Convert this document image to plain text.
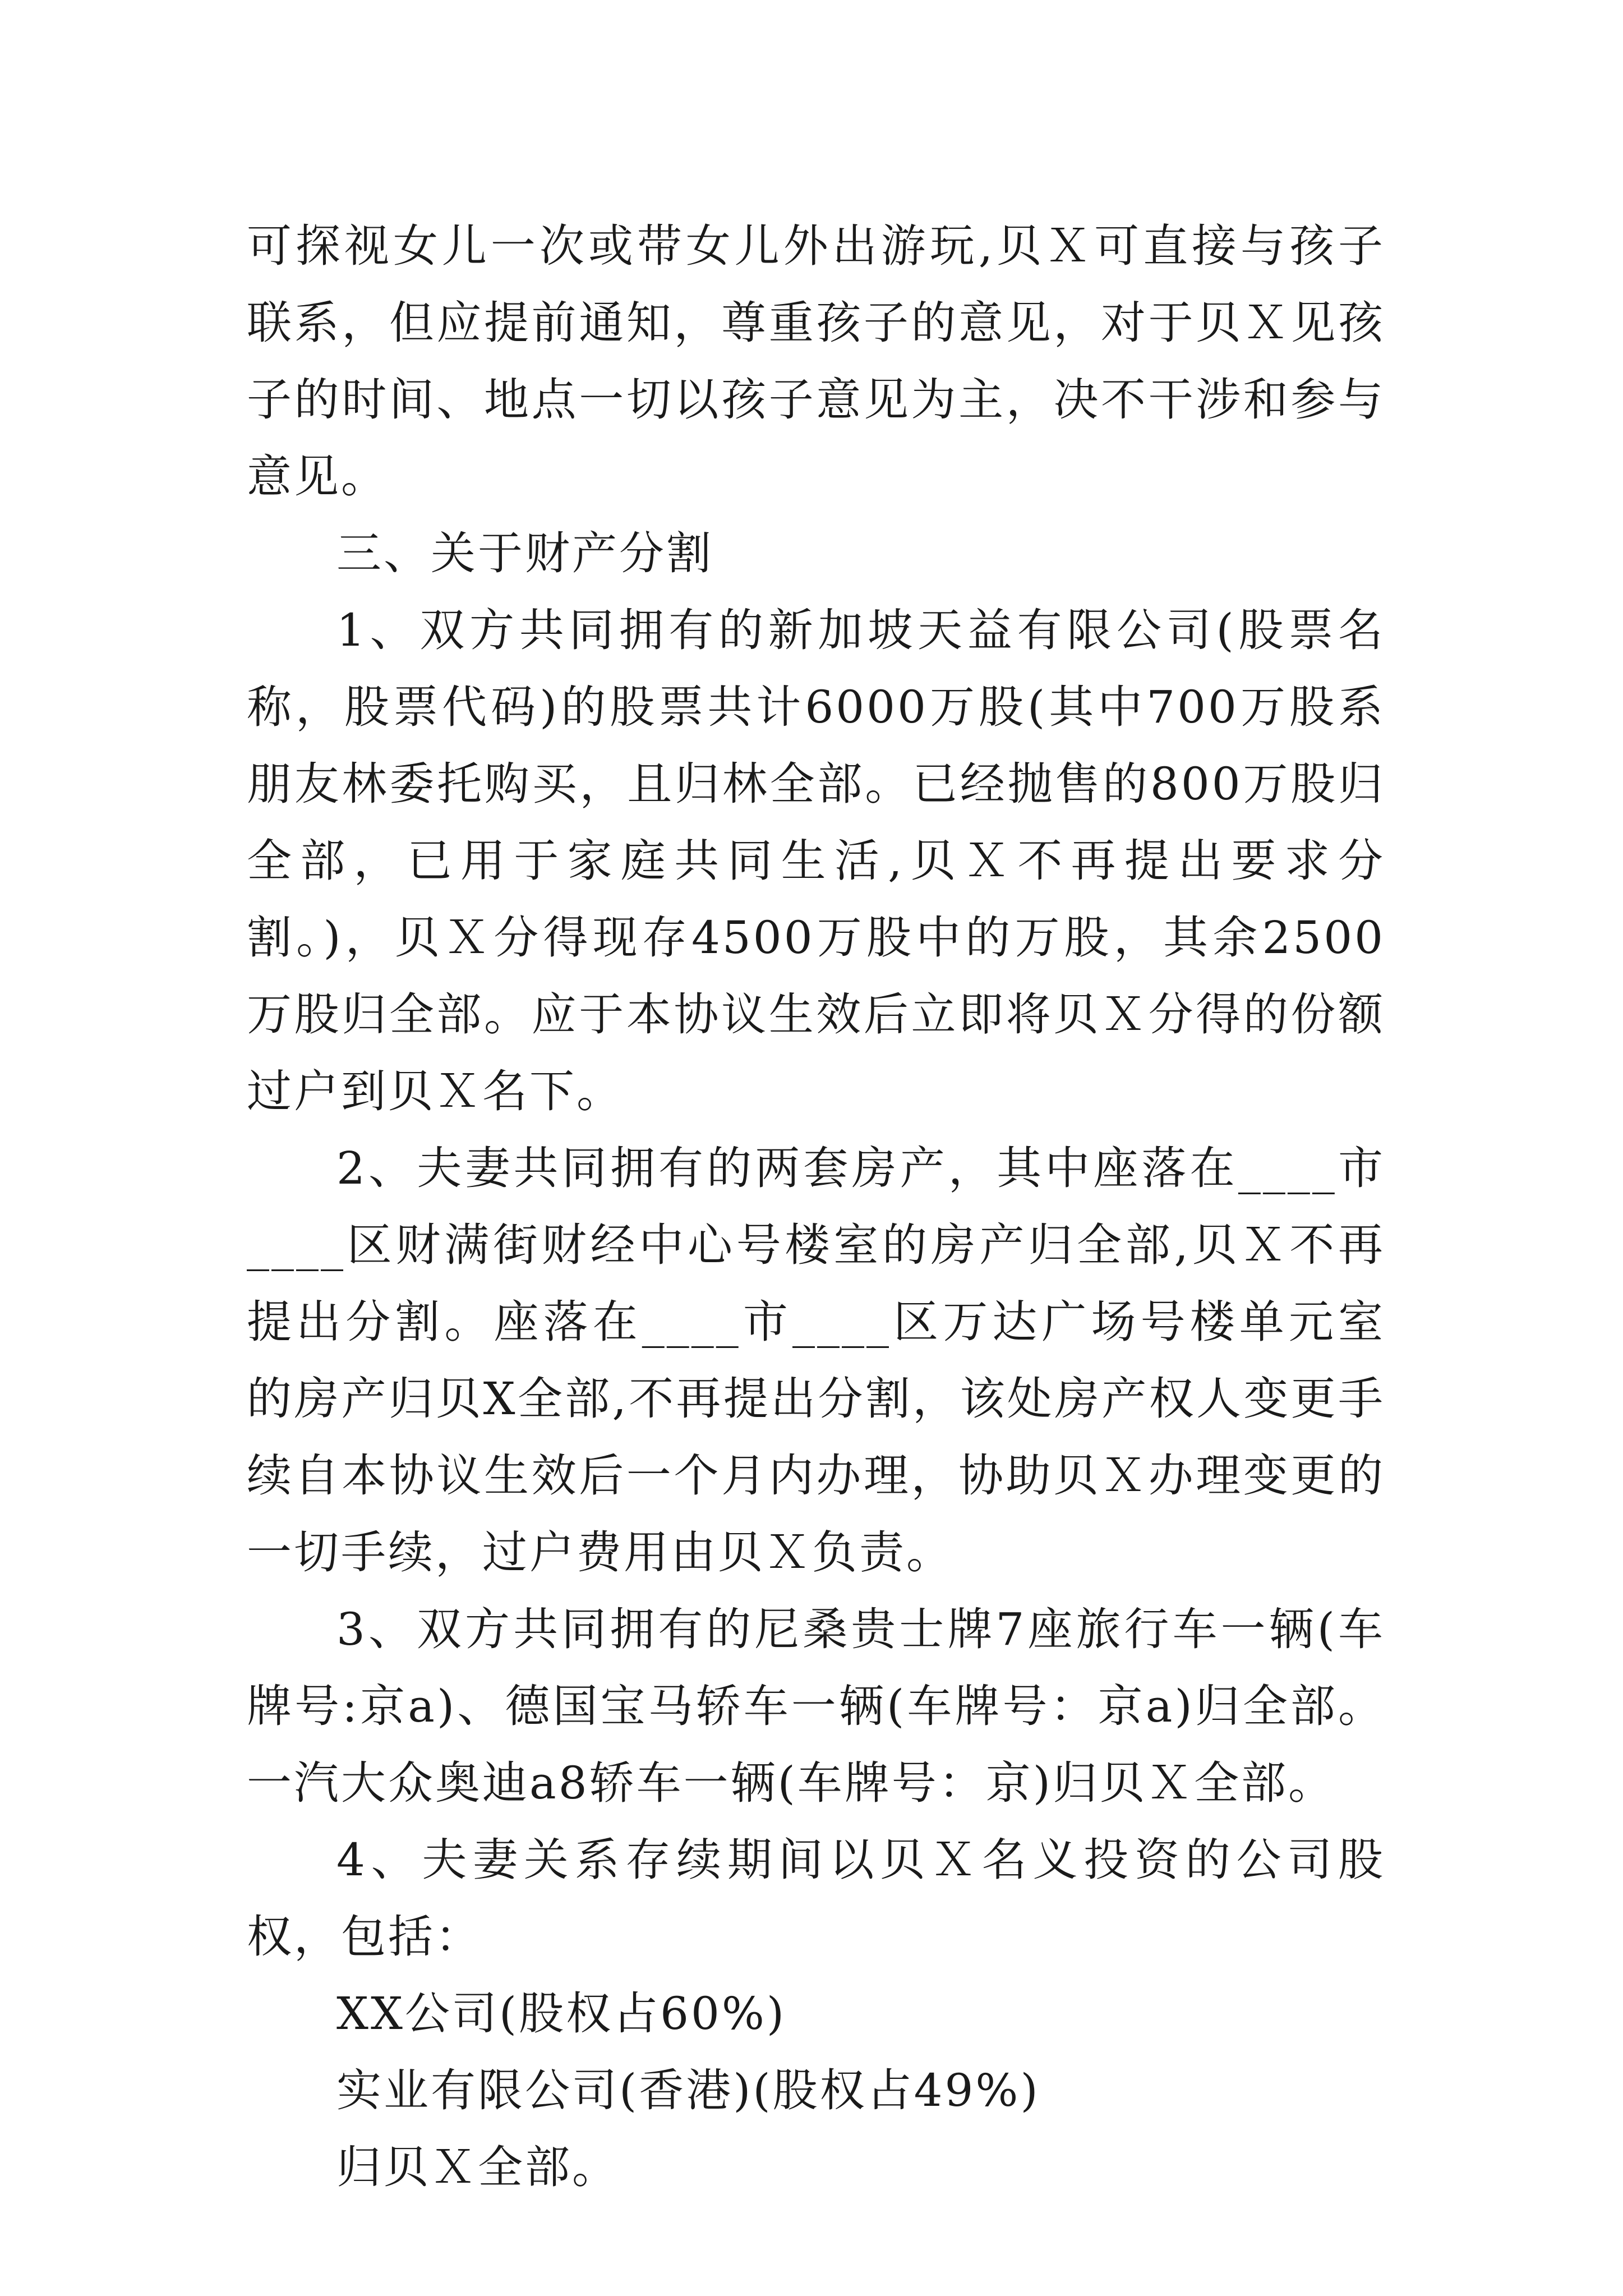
可探视女儿一次或带女儿外出游玩,贝Ｘ可直接与孩子联系，但应提前通知，尊重孩子的意见，对于贝Ｘ见孩子的时间、地点一切以孩子意见为主，决不干涉和参与意见。

三、关于财产分割

1、双方共同拥有的新加坡天益有限公司(股票名称，股票代码)的股票共计6000万股(其中700万股系朋友林委托购买，且归林全部。已经抛售的800万股归全部，已用于家庭共同生活,贝Ｘ不再提出要求分割。)，贝Ｘ分得现存4500万股中的万股，其余2500万股归全部。应于本协议生效后立即将贝Ｘ分得的份额过户到贝Ｘ名下。

2、夫妻共同拥有的两套房产，其中座落在____市____区财满街财经中心号楼室的房产归全部,贝Ｘ不再提出分割。座落在____市____区万达广场号楼单元室的房产归贝X全部,不再提出分割，该处房产权人变更手续自本协议生效后一个月内办理，协助贝Ｘ办理变更的一切手续，过户费用由贝Ｘ负责。

3、双方共同拥有的尼桑贵士牌7座旅行车一辆(车牌号:京a)、德国宝马轿车一辆(车牌号：京a)归全部。一汽大众奥迪a8轿车一辆(车牌号：京)归贝Ｘ全部。

4、夫妻关系存续期间以贝Ｘ名义投资的公司股权，包括：

XX公司(股权占60%)

实业有限公司(香港)(股权占49%)

归贝Ｘ全部。
